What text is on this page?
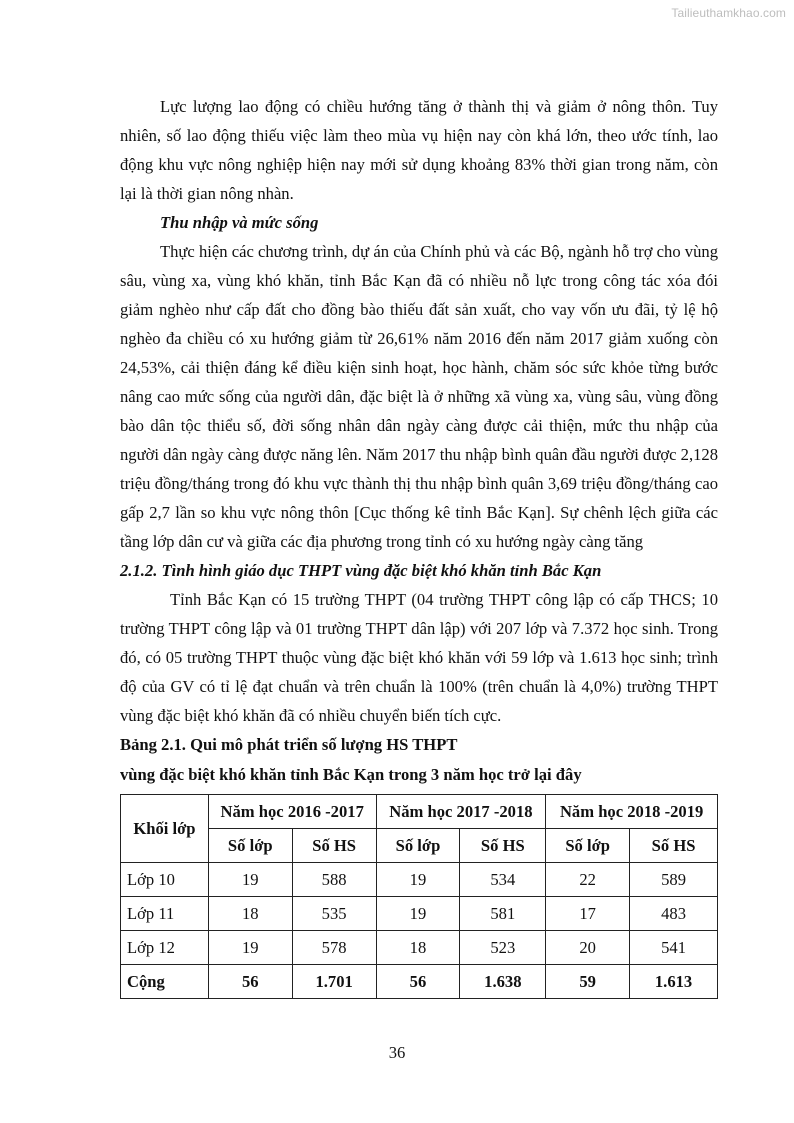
Tailieuthamkhao.com

Lực lượng lao động có chiều hướng tăng ở thành thị và giảm ở nông thôn. Tuy nhiên, số lao động thiếu việc làm theo mùa vụ hiện nay còn khá lớn, theo ước tính, lao động khu vực nông nghiệp hiện nay mới sử dụng khoảng 83% thời gian trong năm, còn lại là thời gian nông nhàn.

Thu nhập và mức sống

Thực hiện các chương trình, dự án của Chính phủ và các Bộ, ngành hỗ trợ cho vùng sâu, vùng xa, vùng khó khăn, tỉnh Bắc Kạn đã có nhiều nỗ lực trong công tác xóa đói giảm nghèo như cấp đất cho đồng bào thiếu đất sản xuất, cho vay vốn ưu đãi, tỷ lệ hộ nghèo đa chiều có xu hướng giảm từ 26,61% năm 2016 đến năm 2017 giảm xuống còn 24,53%, cải thiện đáng kể điều kiện sinh hoạt, học hành, chăm sóc sức khỏe từng bước nâng cao mức sống của người dân, đặc biệt là ở những xã vùng xa, vùng sâu, vùng đồng bào dân tộc thiểu số, đời sống nhân dân ngày càng được cải thiện, mức thu nhập của người dân ngày càng được năng lên. Năm 2017 thu nhập bình quân đầu người được 2,128 triệu đồng/tháng trong đó khu vực thành thị thu nhập bình quân 3,69 triệu đồng/tháng cao gấp 2,7 lần so khu vực nông thôn [Cục thống kê tỉnh Bắc Kạn]. Sự chênh lệch giữa các tầng lớp dân cư và giữa các địa phương trong tỉnh có xu hướng ngày càng tăng

2.1.2. Tình hình giáo dục THPT vùng đặc biệt khó khăn tỉnh Bắc Kạn

Tỉnh Bắc Kạn có 15 trường THPT (04 trường THPT công lập có cấp THCS; 10 trường THPT công lập và 01 trường THPT dân lập) với 207 lớp và 7.372 học sinh. Trong đó, có 05 trường THPT thuộc vùng đặc biệt khó khăn với 59 lớp và 1.613 học sinh; trình độ của GV có tỉ lệ đạt chuẩn và trên chuẩn là 100% (trên chuẩn là 4,0%) trường THPT vùng đặc biệt khó khăn đã có nhiều chuyển biến tích cực.

Bảng 2.1. Qui mô phát triển số lượng HS THPT

vùng đặc biệt khó khăn tỉnh Bắc Kạn trong 3 năm học trở lại đây

Khối lớp	Năm học 2016 -2017		Năm học 2017 -2018		Năm học 2018 -2019	
	Số lớp	Số HS	Số lớp	Số HS	Số lớp	Số HS
Lớp 10	19	588	19	534	22	589
Lớp 11	18	535	19	581	17	483
Lớp 12	19	578	18	523	20	541
Cộng	56	1.701	56	1.638	59	1.613
36
